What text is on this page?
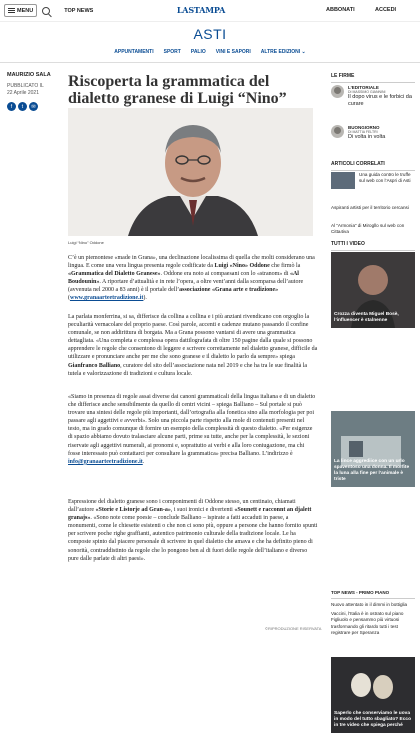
MENU	TOP NEWS	LASTAMPA	ABBONATI	ACCEDI
ASTI
APPUNTAMENTI SPORT PALIO VINI E SAPORI ALTRE EDIZIONI ⌄
MAURIZIO SALA
PUBBLICATO IL
22 Aprile 2021
f	t	✉
Riscoperta la grammatica del dialetto granese di Luigi “Nino”
Luigi “Nino” Oddone

C’è un piemontese «made in Grana», una declinazione localissima di quella che molti considerano una lingua. E come una vera lingua presenta regole codificate da Luigi «Nino» Oddone che firmò la «Grammatica del Dialetto Granese». Oddone era noto ai compaesani con lo «stranom» di «Al Boudounin». A riportare d’attualità e in rete l’opera, a oltre vent’anni dalla scomparsa dell’autore (avvenuta nel 2000 a 83 anni) è il portale dell’associazione «Grana arte e tradizione» (www.granaarteetradizione.it).

La parlata monferrina, si sa, differisce da collina a collina e i più anziani rivendicano con orgoglio la peculiarità vernacolare del proprio paese. Così parole, accenti e cadenze mutano passando il confine comunale, se non addirittura di borgata. Ma a Grana possono vantarsi di avere una grammatica dettagliata. «Una completa e complessa opera dattilografata di oltre 150 pagine dalla quale si possono apprendere le regole che consentono di leggere e scrivere correttamente nel dialetto granese, difficile da utilizzare e pronunciare anche per me che sono granese e il dialetto lo parlo da sempre» spiega Gianfranco Balliano, curatore del sito dell’associazione nata nel 2019 e che ha tra le sue finalità la tutela e valorizzazione di tradizioni e cultura locale.

«Siamo in presenza di regole assai diverse dai canoni grammaticali della lingua italiana e di un dialetto che differisce anche sensibilmente da quello di centri vicini – spiega Balliano – Sul portale si può trovare una sintesi delle regole più importanti, dall’ortografia alla fonetica sino alla morfologia per poi passare agli aggettivi e avverbi». Solo una piccola parte rispetto alla mole di contenuti presenti nel testo, ma in grado comunque di fornire un esempio della complessità di questo dialetto. «Per esigenze di spazio abbiamo dovuto tralasciare alcune parti, prime su tutte, anche per la complessità, le sezioni riservate agli aggettivi numerali, ai pronomi e, soprattutto ai verbi e alla loro coniugazione, ma chi fosse interessato può contattarci per consultare la grammatica» precisa Balliano. L’indirizzo è info@granaarteetradizione.it.

Espressione del dialetto granese sono i componimenti di Oddone stesso, un centinaio, chiamati dall’autore «Storie e Listorje ad Gran-a», i suoi ironici e divertenti «Sounett e racconnt an djalett granajs». «Sono note come poesie – conclude Balliano – ispirate a fatti accaduti in paese, a monumenti, come le chiesette esistenti o che non ci sono più, oppure a persone che hanno fornito spunti per scrivere poche righe graffianti, autentico patrimonio culturale della tradizione locale. Le ha composte spinto dal piacere personale di scrivere in quel dialetto che amava e che ha definito pieno di sonorità, contraddistinto da regole che lo pongono ben al di fuori delle regole dell’italiano e diverso pure dalle parlate di altri paesi».

©RIPRODUZIONE RISERVATA
LE FIRME
L’EDITORIALE
DI MASSIMO GIANNINI
Il dopo virus e le forbici da curare
BUONGIORNO
DI MATTIA FELTRI
Di volta in volta
ARTICOLI CORRELATI
Una guida contro le truffe sul web con l’Aspri di Asti
Aspiranti artisti per il territorio cercansi
Al “Armonia” di Mirogllo sul web con Citta4iva
TUTTI I VIDEO
Crozza diventa Miguel Bosè, l’influencer è stalnenne
La lince aggrediice con un urlo spaventoso una donna. Il morfite la luna alla fine per l’animale è triste
Saperlo che conserviamo le uova in modo del tutto sbagliato? Ecco in tre video che spiega perché
TOP NEWS - PRIMO PIANO
Nuovo attentato in il dimmi in bottiglia
Vaccini, l’Italia è in ostrato sul piano Figliuolo e pensammo più virtuosi trasformando gli ritardo tutti i test registrare per Speranza
